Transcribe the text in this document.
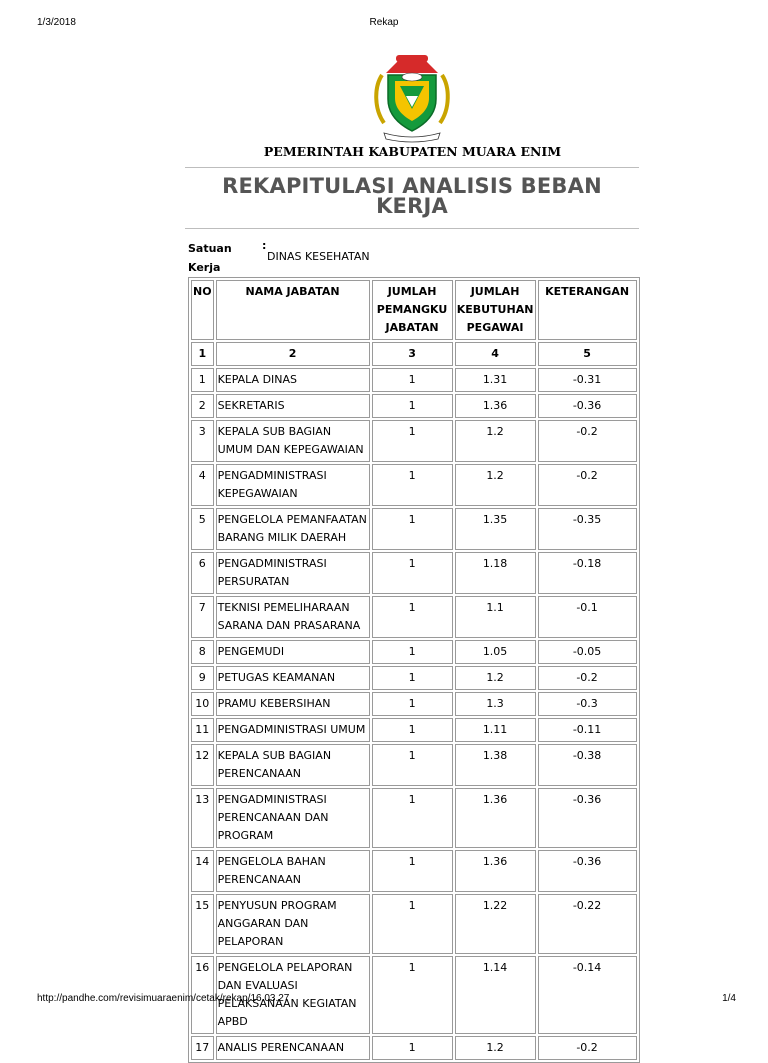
1/3/2018	Rekap
PEMERINTAH KABUPATEN MUARA ENIM
REKAPITULASI ANALISIS BEBAN
KERJA
Satuan Kerja
:
DINAS KESEHATAN
NO	NAMA JABATAN	JUMLAH PEMANGKU JABATAN	JUMLAH KEBUTUHAN PEGAWAI	KETERANGAN
1	2	3	4	5
1	KEPALA DINAS	1	1.31	-0.31
2	SEKRETARIS	1	1.36	-0.36
3	KEPALA SUB BAGIAN UMUM DAN KEPEGAWAIAN	1	1.2	-0.2
4	PENGADMINISTRASI KEPEGAWAIAN	1	1.2	-0.2
5	PENGELOLA PEMANFAATAN BARANG MILIK DAERAH	1	1.35	-0.35
6	PENGADMINISTRASI PERSURATAN	1	1.18	-0.18
7	TEKNISI PEMELIHARAAN SARANA DAN PRASARANA	1	1.1	-0.1
8	PENGEMUDI	1	1.05	-0.05
9	PETUGAS KEAMANAN	1	1.2	-0.2
10	PRAMU KEBERSIHAN	1	1.3	-0.3
11	PENGADMINISTRASI UMUM	1	1.11	-0.11
12	KEPALA SUB BAGIAN PERENCANAAN	1	1.38	-0.38
13	PENGADMINISTRASI PERENCANAAN DAN PROGRAM	1	1.36	-0.36
14	PENGELOLA BAHAN PERENCANAAN	1	1.36	-0.36
15	PENYUSUN PROGRAM ANGGARAN DAN PELAPORAN	1	1.22	-0.22
16	PENGELOLA PELAPORAN DAN EVALUASI PELAKSANAAN KEGIATAN APBD	1	1.14	-0.14
17	ANALIS PERENCANAAN	1	1.2	-0.2
http://pandhe.com/revisimuaraenim/cetak/rekap/16.03.27	1/4
